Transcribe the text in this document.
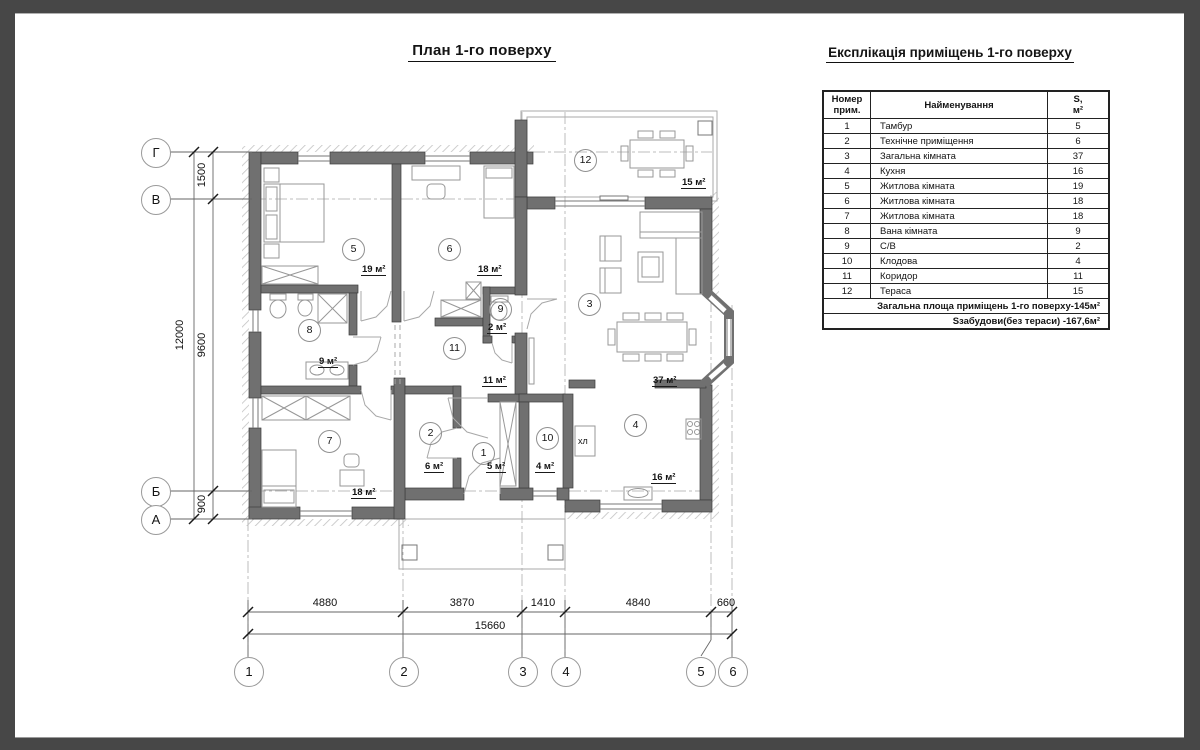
План 1-го поверху	Експлікація приміщень 1-го поверху
Номер
прим.	Найменування	S,
м²
1	Тамбур	5
2	Технічне приміщення	6
3	Загальна кімната	37
4	Кухня	16
5	Житлова кімната	19
6	Житлова кімната	18
7	Житлова кімната	18
8	Вана кімната	9
9	С/В	2
10	Клодова	4
11	Коридор	11
12	Тераса	15
Загальна площа приміщень 1-го поверху-145м²		
Sзабудови(без тераси) -167,6м²		
1
2
3
4
5	6
7
8
9
10
11
12
5 м²
6 м²
37 м²
16 м²
19 м²	18 м²
18 м²
9 м²
2 м²
4 м²
11 м²
15 м²
хл
Г
В
Б
А
1	2	3	4	5	6
4880	3870	1410	4840	660
15660
1500
9600
900
12000
